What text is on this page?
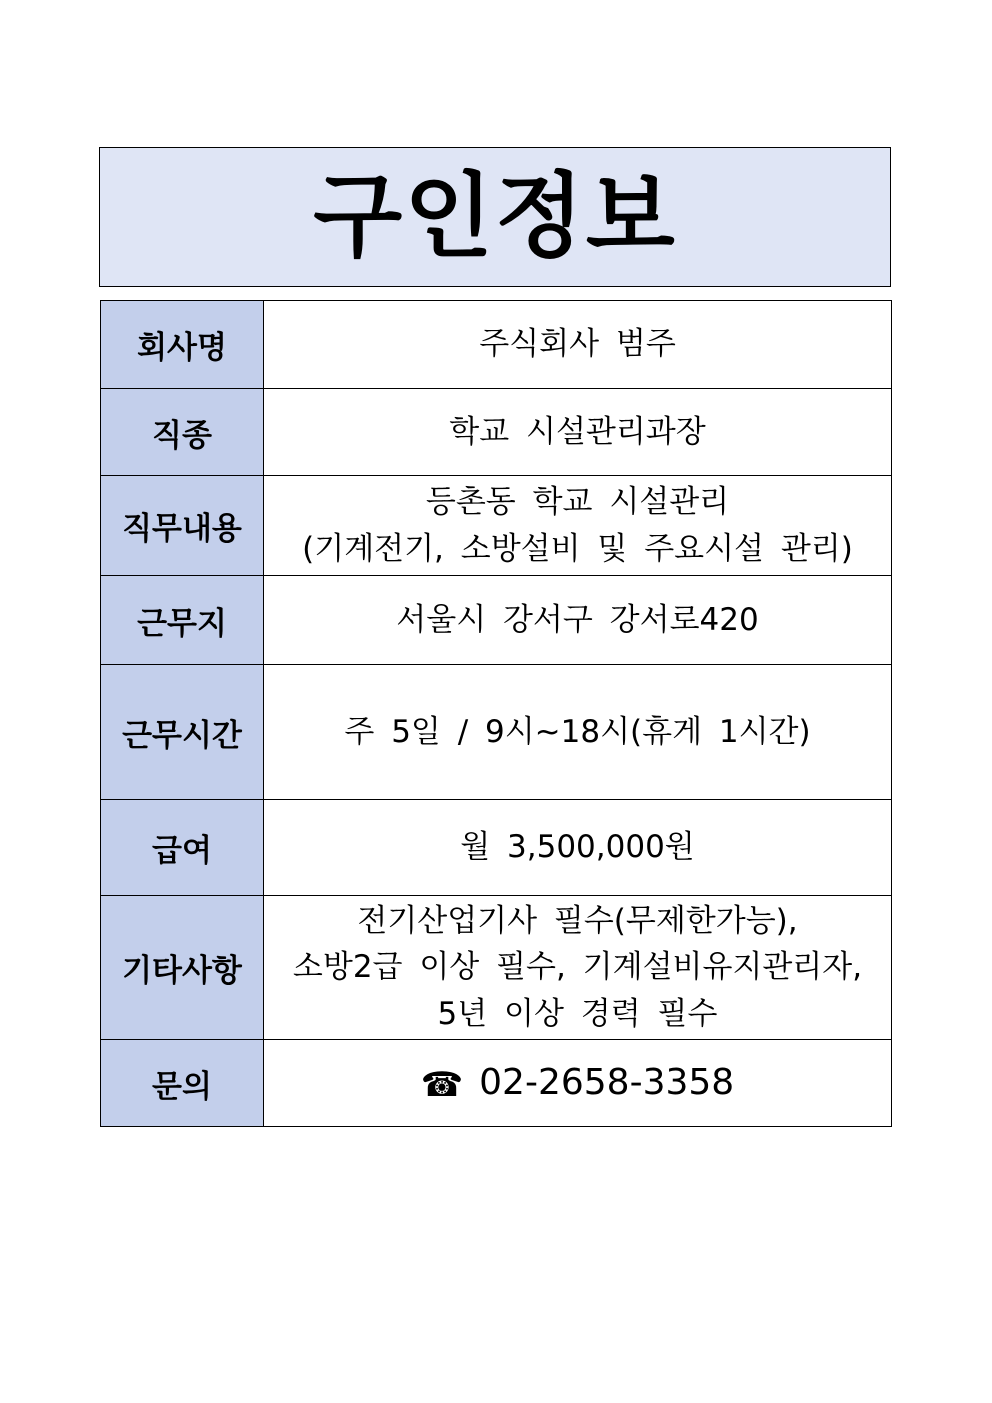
구인정보
회사명	주식회사 범주

직종	학교 시설관리과장

직무내용	등촌동 학교 시설관리
(기계전기, 소방설비 및 주요시설 관리)

근무지	서울시 강서구 강서로420

근무시간	주 5일 / 9시~18시(휴게 1시간)

급여	월 3,500,000원

기타사항	전기산업기사 필수(무제한가능),
소방2급 이상 필수, 기계설비유지관리자,
5년 이상 경력 필수

문의	☎ 02-2658-3358
